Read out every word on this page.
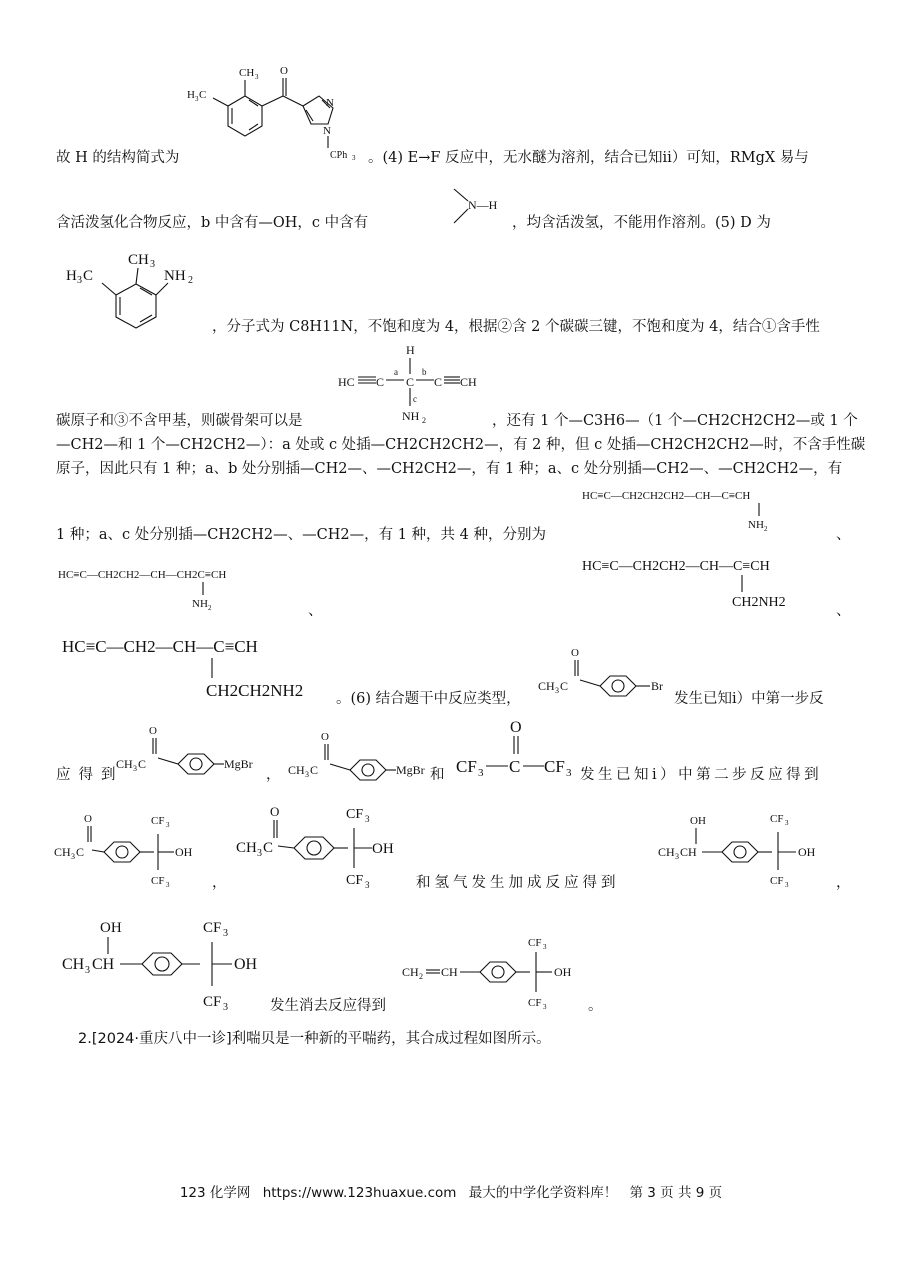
CH 3
H 3 C
O
N
N
CPh 3
故 H 的结构简式为	。(4) E→F 反应中，无水醚为溶剂，结合已知ⅱ）可知，RMgX 易与
含活泼氢化合物反应，b 中含有—OH，c 中含有
N—H
，均含活泼氢，不能用作溶剂。(5) D 为
H 3 C
CH 3
NH 2
，分子式为 C8H11N，不饱和度为 4，根据②含 2 个碳碳三键，不饱和度为 4，结合①含手性
H
HC C
a
C
b
C CH
c
NH 2
碳原子和③不含甲基，则碳骨架可以是	，还有 1 个—C3H6—（1 个—CH2CH2CH2—或 1 个
—CH2—和 1 个—CH2CH2—）：a 处或 c 处插—CH2CH2CH2—，有 2 种，但 c 处插—CH2CH2CH2—时，不含手性碳
原子，因此只有 1 种；a、b 处分别插—CH2—、—CH2CH2—，有 1 种；a、c 处分别插—CH2—、—CH2CH2—，有
HC≡C—CH2CH2CH2—CH—C≡CH
NH 2
1 种；a、c 处分别插—CH2CH2—、—CH2—，有 1 种，共 4 种，分别为	、
HC≡C—CH2CH2—CH—CH2C≡CH
NH 2	、
HC≡C—CH2CH2—CH—C≡CH
CH2NH2
、
HC≡C—CH2—CH—C≡CH
CH2CH2NH2 。(6) 结合题干中反应类型，
O
CH 3 C	Br
发生已知ⅰ）中第一步反
O
CH 3 C	MgBr
应得到	，
O
CH 3 C	MgBr 和
O
CF 3 C CF 3 发生已知ⅰ）中第二步反应得到
O
CH 3 C
CF 3
OH
CF 3	，
O
CH 3 C
CF 3
OH
CF 3	和氢气发生加成反应得到
OH
CH 3 CH
CF 3
OH
CF 3	，
OH
CH 3 CH
CF 3
OH
CF 3	发生消去反应得到
CH 2 CH
CF 3
OH
CF 3	。
2.[2024·重庆八中一诊]利喘贝是一种新的平喘药，其合成过程如图所示。
123 化学网 https://www.123huaxue.com 最大的中学化学资料库！ 第 3 页 共 9 页
